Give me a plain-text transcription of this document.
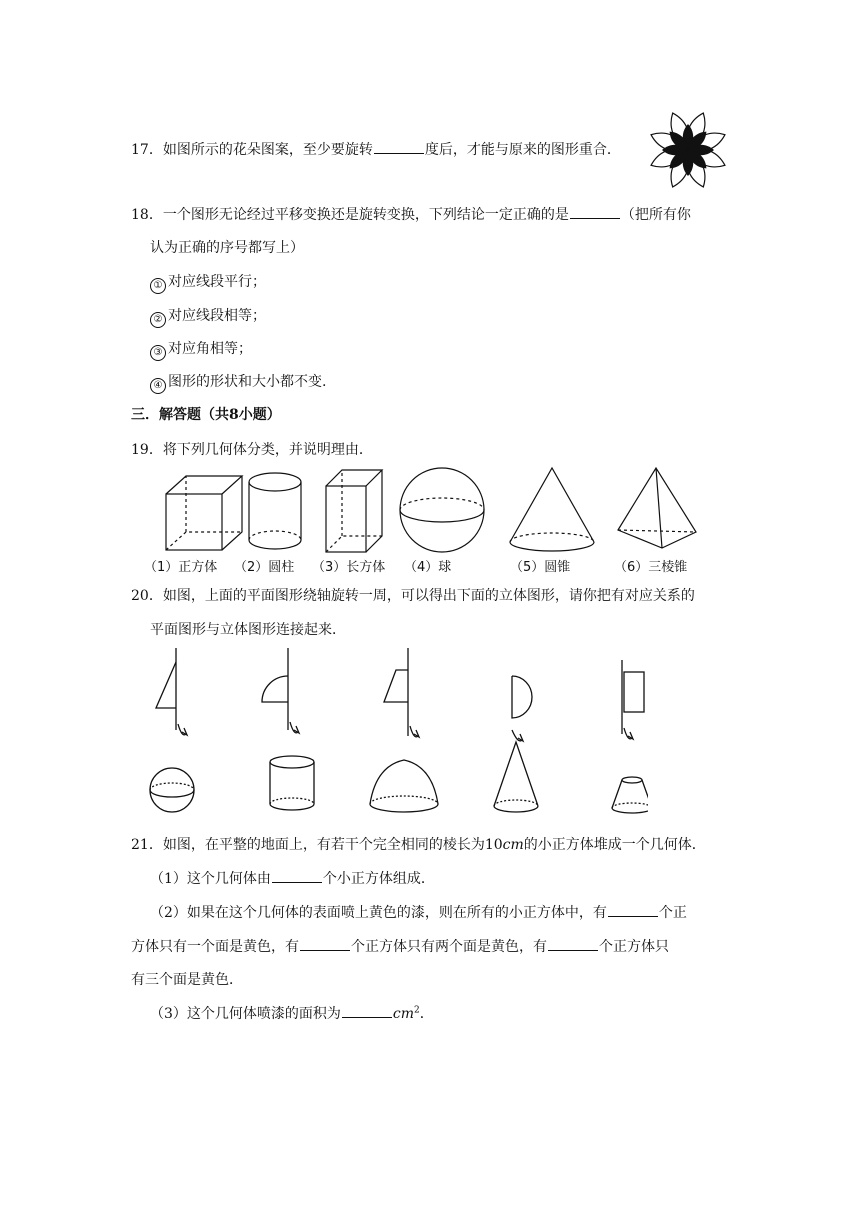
17．如图所示的花朵图案，至少要旋转	度后，才能与原来的图形重合．
18．一个图形无论经过平移变换还是旋转变换，下列结论一定正确的是	（把所有你
认为正确的序号都写上）
① 对应线段平行；
② 对应线段相等；
③ 对应角相等；
④ 图形的形状和大小都不变.
三．解答题（共8小题）
19．将下列几何体分类，并说明理由．
（1）正方体 （2）圆柱 （3）长方体 （4）球	（5）圆锥	（6）三棱锥
20．如图，上面的平面图形绕轴旋转一周，可以得出下面的立体图形，请你把有对应关系的
平面图形与立体图形连接起来．
21．如图，在平整的地面上，有若干个完全相同的棱长为10cm的小正方体堆成一个几何体．
（1）这个几何体由	个小正方体组成．
（2）如果在这个几何体的表面喷上黄色的漆，则在所有的小正方体中，有	个正
方体只有一个面是黄色，有	个正方体只有两个面是黄色，有	个正方体只
有三个面是黄色．
（3）这个几何体喷漆的面积为	$cm^2$．
